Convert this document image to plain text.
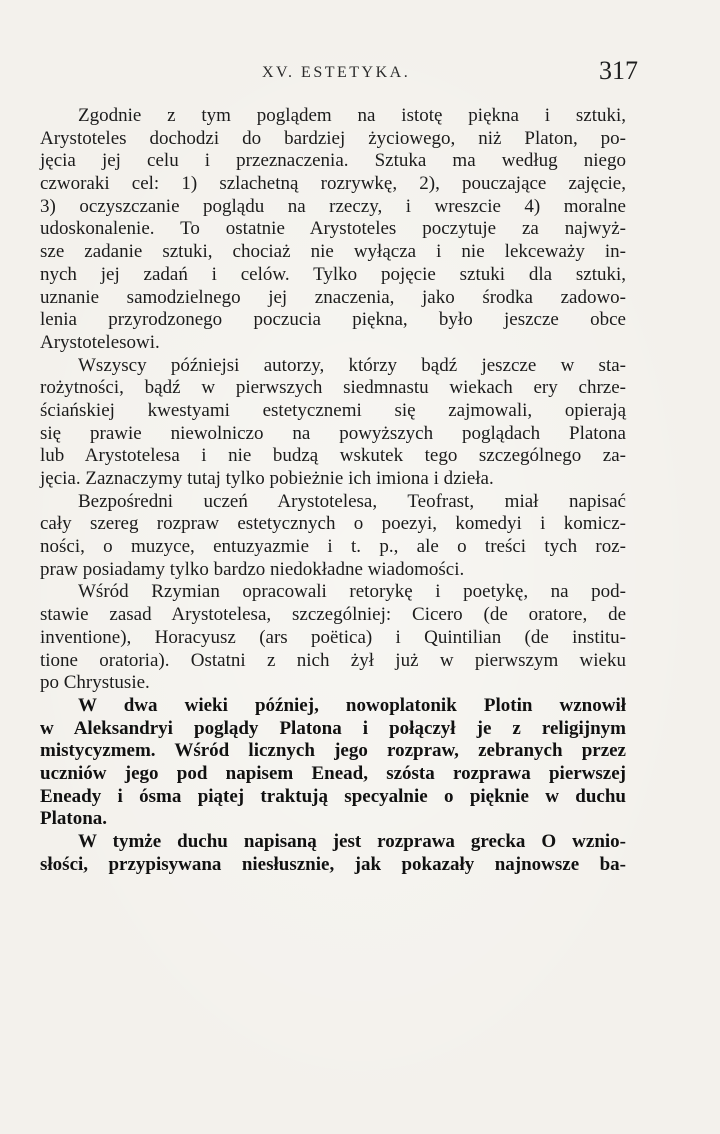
XV. ESTETYKA.	317
Zgodnie z tym poglądem na istotę piękna i sztuki,
Arystoteles dochodzi do bardziej życiowego, niż Platon, po-
jęcia jej celu i przeznaczenia. Sztuka ma według niego
czworaki cel: 1) szlachetną rozrywkę, 2), pouczające zajęcie,
3) oczyszczanie poglądu na rzeczy, i wreszcie 4) moralne
udoskonalenie. To ostatnie Arystoteles poczytuje za najwyż-
sze zadanie sztuki, chociaż nie wyłącza i nie lekceważy in-
nych jej zadań i celów. Tylko pojęcie sztuki dla sztuki,
uznanie samodzielnego jej znaczenia, jako środka zadowo-
lenia przyrodzonego poczucia piękna, było jeszcze obce
Arystotelesowi.
Wszyscy późniejsi autorzy, którzy bądź jeszcze w sta-
rożytności, bądź w pierwszych siedmnastu wiekach ery chrze-
ściańskiej kwestyami estetycznemi się zajmowali, opierają
się prawie niewolniczo na powyższych poglądach Platona
lub Arystotelesa i nie budzą wskutek tego szczególnego za-
jęcia. Zaznaczymy tutaj tylko pobieżnie ich imiona i dzieła.
Bezpośredni uczeń Arystotelesa, Teofrast, miał napisać
cały szereg rozpraw estetycznych o poezyi, komedyi i komicz-
ności, o muzyce, entuzyazmie i t. p., ale o treści tych roz-
praw posiadamy tylko bardzo niedokładne wiadomości.
Wśród Rzymian opracowali retorykę i poetykę, na pod-
stawie zasad Arystotelesa, szczególniej: Cicero (de oratore, de
inventione), Horacyusz (ars poëtica) i Quintilian (de institu-
tione oratoria). Ostatni z nich żył już w pierwszym wieku
po Chrystusie.
W dwa wieki później, nowoplatonik Plotin wznowił
w Aleksandryi poglądy Platona i połączył je z religijnym
mistycyzmem. Wśród licznych jego rozpraw, zebranych przez
uczniów jego pod napisem Enead, szósta rozprawa pierwszej
Eneady i ósma piątej traktują specyalnie o pięknie w duchu
Platona.
W tymże duchu napisaną jest rozprawa grecka O wznio-
słości, przypisywana niesłusznie, jak pokazały najnowsze ba-
